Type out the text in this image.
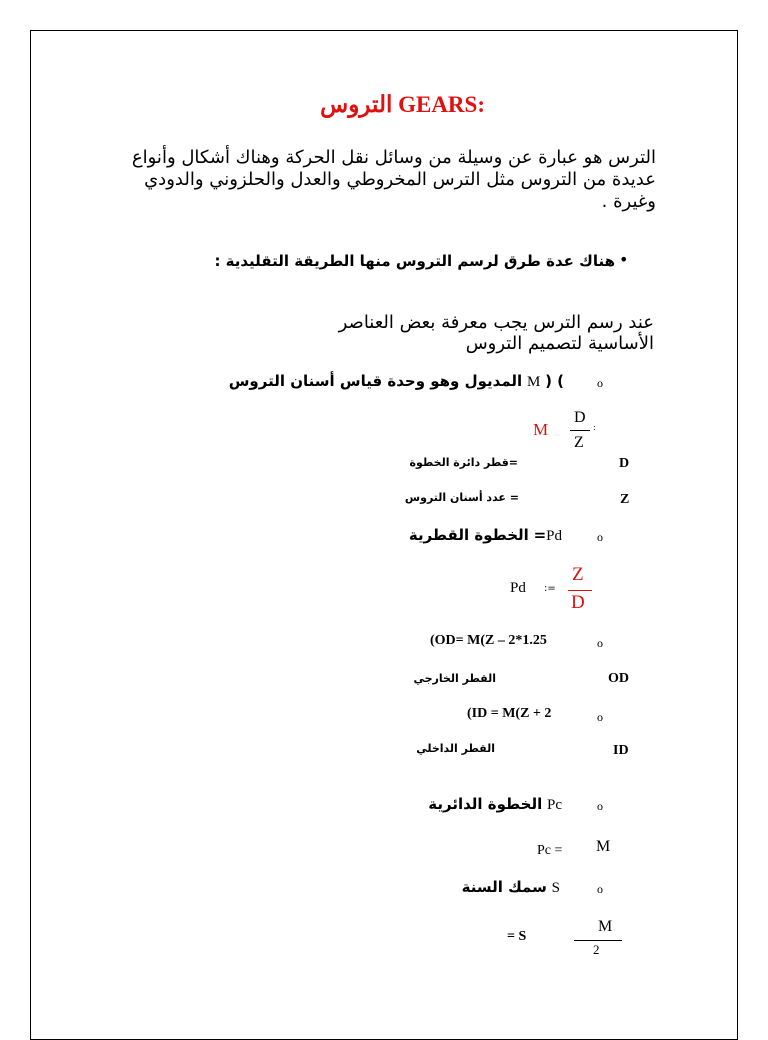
التروس GEARS:
الترس هو عبارة عن وسيلة من وسائل نقل الحركة وهناك أشكال وأنواع عديدة من التروس مثل الترس المخروطي والعدل والحلزوني والدودي وغيرة .
•
هناك عدة طرق لرسم التروس منها الطريقة التقليدية :
عند رسم الترس يجب معرفة بعض العناصر الأساسية لتصميم التروس
o
المديول وهو وحدة قياس أسنان التروس M ) (
M
D
Z
:
D
=قطر دائرة الخطوة
Z
= عدد أسنان التروس
o
الخطوة القطرية =Pd
Pd :=
Z
D
o
(OD= M(Z – 2*1.25
OD
القطر الخارجي
o
(ID = M(Z + 2
ID
القطر الداخلي
o
الخطوة الدائرية Pc
Pc = M
o
سمك السنة S
= S
M
2
